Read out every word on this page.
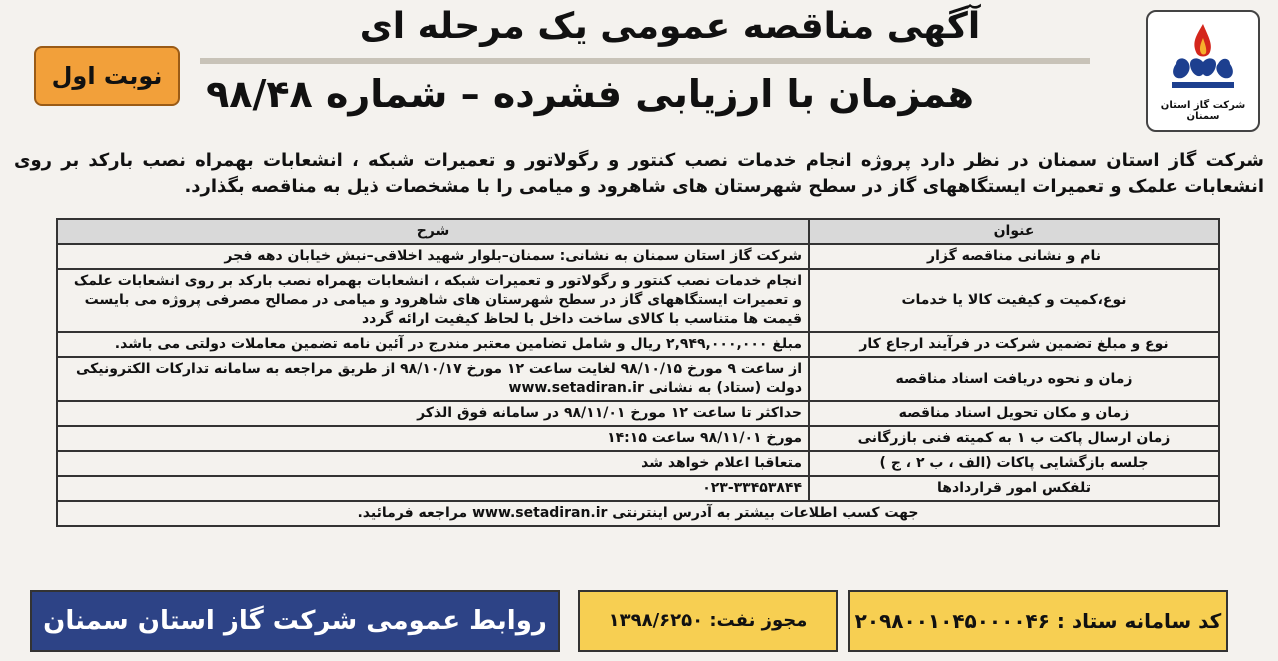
شرکت گاز استان سمنان
آگهی مناقصه عمومی یک مرحله ای
همزمان با ارزیابی فشرده – شماره ۹۸/۴۸
نوبت اول
شرکت گاز استان سمنان در نظر دارد پروژه انجام خدمات نصب کنتور و رگولاتور و تعمیرات شبکه ، انشعابات بهمراه نصب بارکد بر روی انشعابات علمک و تعمیرات ایستگاههای گاز در سطح شهرستان های شاهرود و میامی را با مشخصات ذیل به مناقصه بگذارد.
عنوان	شرح
نام و نشانی مناقصه گزار	شرکت گاز استان سمنان به نشانی: سمنان–بلوار شهید اخلاقی–نبش خیابان دهه فجر
نوع،کمیت و کیفیت کالا یا خدمات	انجام خدمات نصب کنتور و رگولاتور و تعمیرات شبکه ، انشعابات بهمراه نصب بارکد بر روی انشعابات علمک و تعمیرات ایستگاههای گاز در سطح شهرستان های شاهرود و میامی در مصالح مصرفی پروژه می بایست قیمت ها متناسب با کالای ساخت داخل با لحاظ کیفیت ارائه گردد
نوع و مبلغ تضمین شرکت در فرآیند ارجاع کار	مبلغ ۲,۹۴۹,۰۰۰,۰۰۰ ریال و شامل تضامین معتبر مندرج در آئین نامه تضمین معاملات دولتی می باشد.
زمان و نحوه دریافت اسناد مناقصه	از ساعت ۹ مورخ ۹۸/۱۰/۱۵ لغایت ساعت ۱۲ مورخ ۹۸/۱۰/۱۷ از طریق مراجعه به سامانه تدارکات الکترونیکی دولت (ستاد) به نشانی www.setadiran.ir
زمان و مکان تحویل اسناد مناقصه	حداکثر تا ساعت ۱۲ مورخ ۹۸/۱۱/۰۱ در سامانه فوق الذکر
زمان ارسال پاکت ب ۱ به کمیته فنی بازرگانی	مورخ ۹۸/۱۱/۰۱ ساعت ۱۴:۱۵
جلسه بازگشایی پاکات (الف ، ب ۲ ، ج )	متعاقبا اعلام خواهد شد
تلفکس امور قراردادها	۰۲۳-۳۳۴۵۳۸۴۴
جهت کسب اطلاعات بیشتر به آدرس اینترنتی www.setadiran.ir مراجعه فرمائید.	
کد سامانه ستاد : ۲۰۹۸۰۰۱۰۴۵۰۰۰۰۴۶
مجوز نفت: ۱۳۹۸/۶۲۵۰
روابط عمومی شرکت گاز استان سمنان
